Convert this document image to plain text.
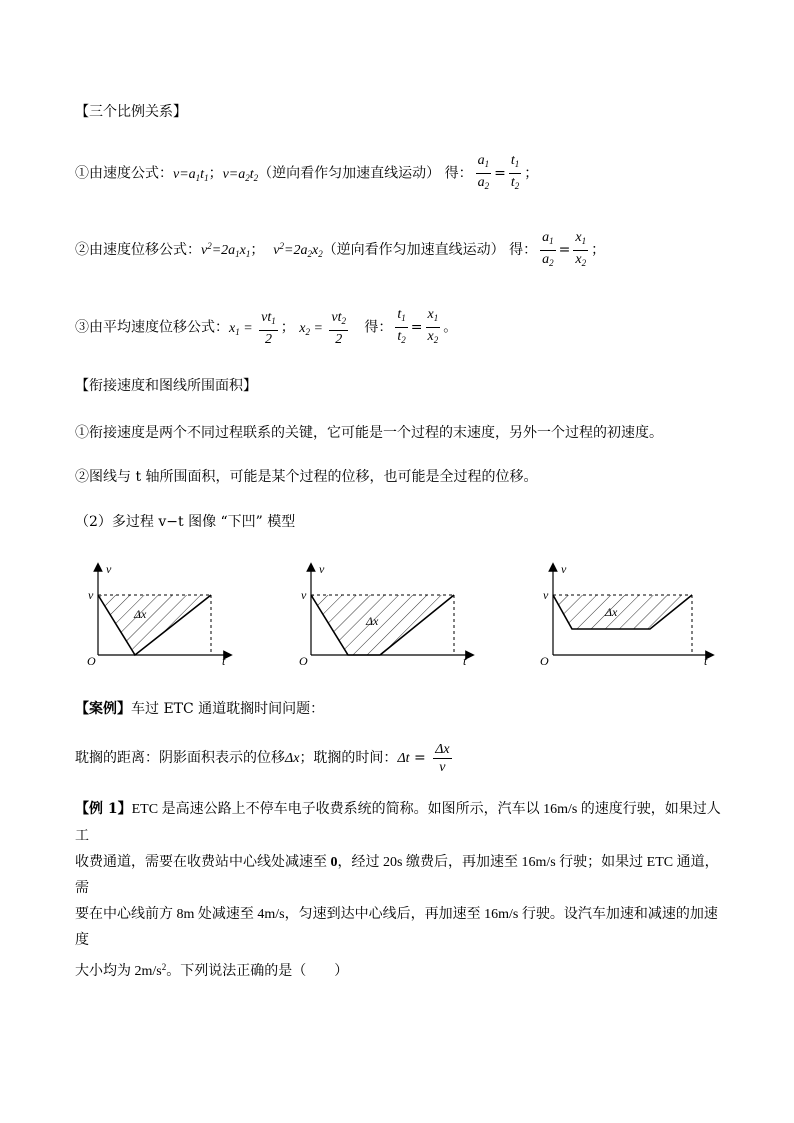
【三个比例关系】
①由速度公式：$v=a_1t_1$；$v=a_2t_2$（逆向看作匀加速直线运动） 得： $\frac{a_1}{a_2} = \frac{t_1}{t_2}$ ；
②由速度位移公式：$v^2=2a_1x_1$； $v^2=2a_2x_2$（逆向看作匀加速直线运动） 得： $\frac{a_1}{a_2} = \frac{x_1}{x_2}$ ；
③由平均速度位移公式：$x_1 = \frac{vt_1}{2}$ ； $x_2 = \frac{vt_2}{2}$ 得： $\frac{t_1}{t_2} = \frac{x_1}{x_2}$ 。
【衔接速度和图线所围面积】
①衔接速度是两个不同过程联系的关键，它可能是一个过程的末速度，另外一个过程的初速度。
②图线与 t 轴所围面积，可能是某个过程的位移，也可能是全过程的位移。
（2）多过程 v−t 图像 “下凹” 模型
v
v
O	t
Δx
v
v
O	t
Δx
v
v
O	t
Δx
【案例】车过 ETC 通道耽搁时间问题：
耽搁的距离：阴影面积表示的位移Δx；耽搁的时间：$\Delta t = \frac{\Delta x}{v}$
【例 1】ETC 是高速公路上不停车电子收费系统的简称。如图所示，汽车以 16m/s 的速度行驶，如果过人工
收费通道，需要在收费站中心线处减速至 0，经过 20s 缴费后，再加速至 16m/s 行驶；如果过 ETC 通道，需
要在中心线前方 8m 处减速至 4m/s，匀速到达中心线后，再加速至 16m/s 行驶。设汽车加速和减速的加速度
大小均为 $2m/s^2$。下列说法正确的是（　　）
